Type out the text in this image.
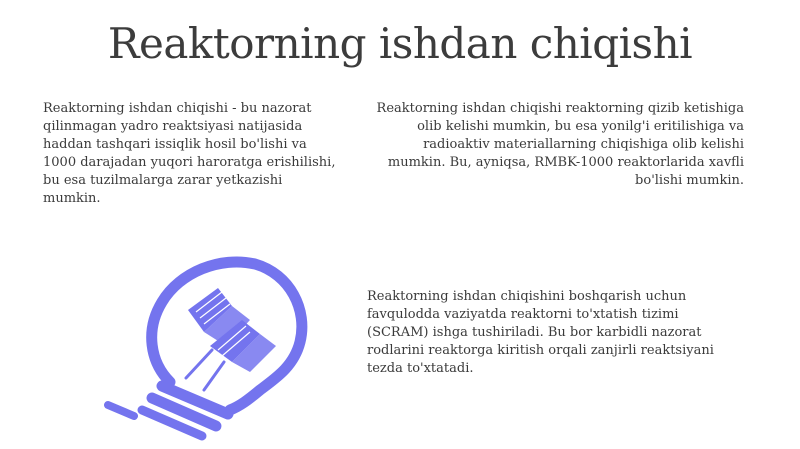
Reaktorning ishdan chiqishi

Reaktorning ishdan chiqishi - bu nazorat qilinmagan yadro reaktsiyasi natijasida haddan tashqari issiqlik hosil bo'lishi va 1000 darajadan yuqori haroratga erishilishi, bu esa tuzilmalarga zarar yetkazishi mumkin.

Reaktorning ishdan chiqishi reaktorning qizib ketishiga olib kelishi mumkin, bu esa yonilg'i eritilishiga va radioaktiv materiallarning chiqishiga olib kelishi mumkin. Bu, ayniqsa, RMBK-1000 reaktorlarida xavfli bo'lishi mumkin.

Reaktorning ishdan chiqishini boshqarish uchun favqulodda vaziyatda reaktorni to'xtatish tizimi (SCRAM) ishga tushiriladi. Bu bor karbidli nazorat rodlarini reaktorga kiritish orqali zanjirli reaktsiyani tezda to'xtatadi.
